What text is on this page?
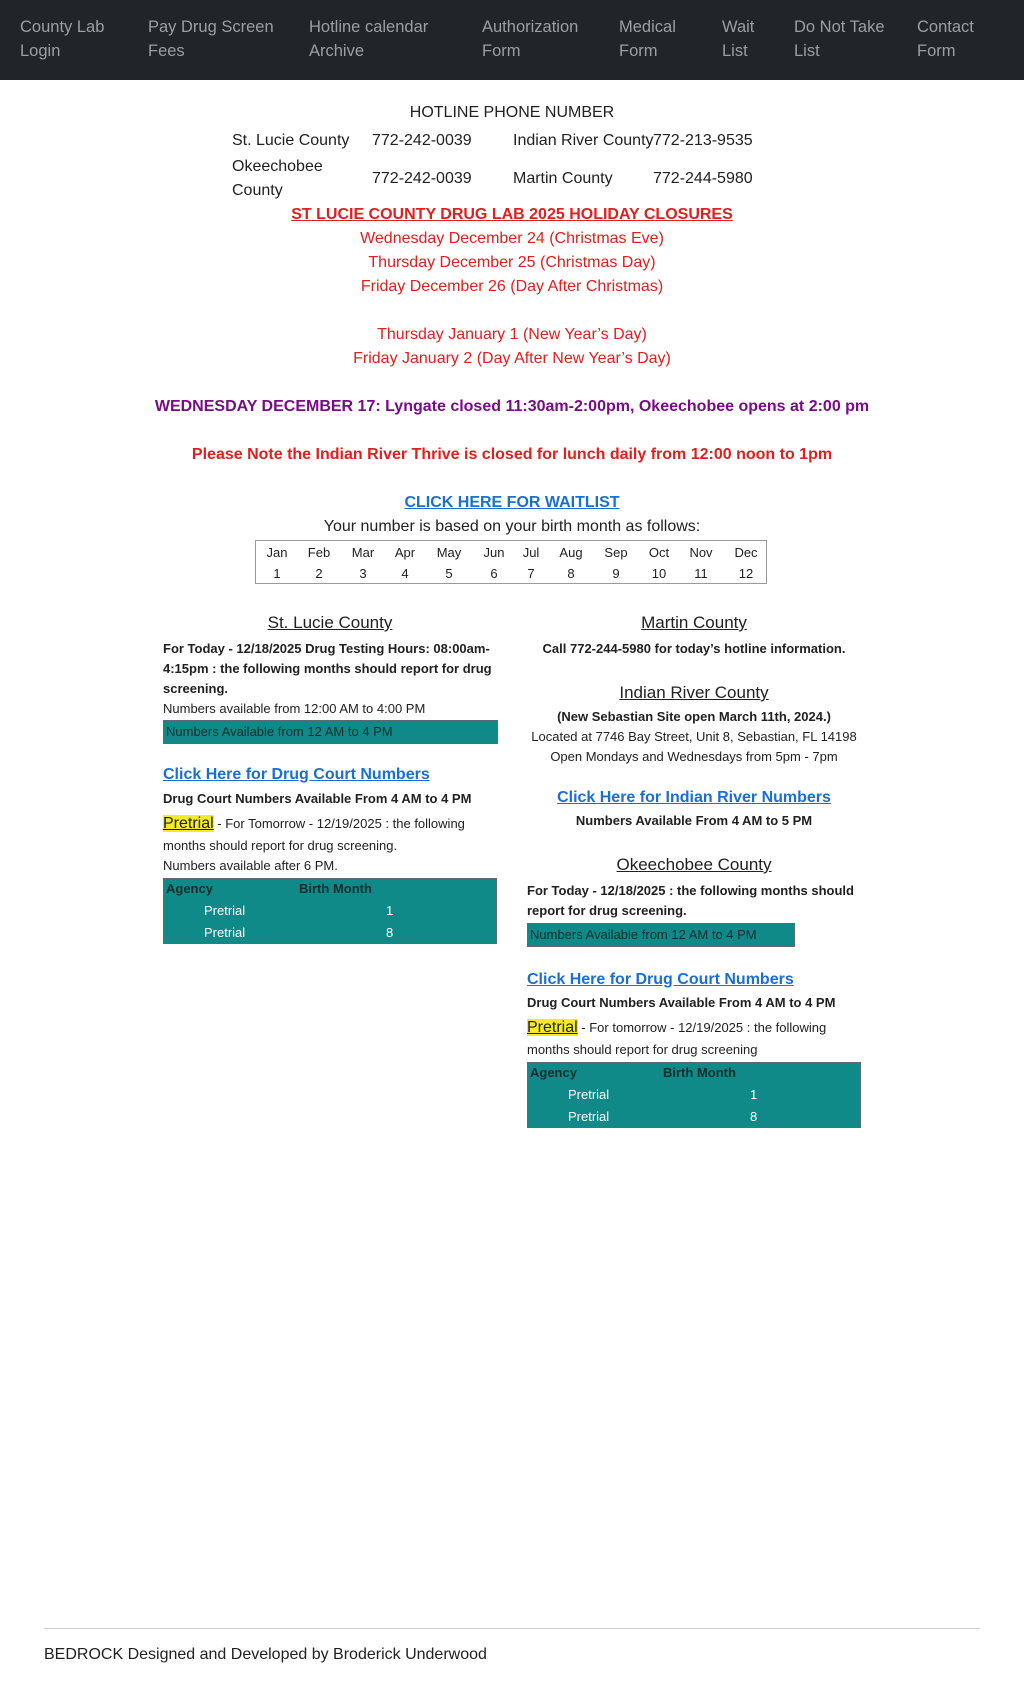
County Lab
Login
Pay Drug Screen
Fees
Hotline calendar
Archive
Authorization
Form
Medical
Form
Wait
List
Do Not Take
List
Contact
Form
HOTLINE PHONE NUMBER
St. Lucie County 772-242-0039	Indian River County 772-213-9535
Okeechobee
County
772-242-0039	Martin County	772-244-5980
ST LUCIE COUNTY DRUG LAB 2025 HOLIDAY CLOSURES
Wednesday December 24 (Christmas Eve)
Thursday December 25 (Christmas Day)
Friday December 26 (Day After Christmas)
Thursday January 1 (New Year’s Day)
Friday January 2 (Day After New Year’s Day)
WEDNESDAY DECEMBER 17: Lyngate closed 11:30am-2:00pm, Okeechobee opens at 2:00 pm
Please Note the Indian River Thrive is closed for lunch daily from 12:00 noon to 1pm
CLICK HERE FOR WAITLIST
Your number is based on your birth month as follows:
Jan Feb Mar Apr May Jun Jul Aug Sep Oct Nov Dec
1	2	3	4	5	6 7	8	9 10 11 12
St. Lucie County
For Today - 12/18/2025 Drug Testing Hours: 08:00am-
4:15pm : the following months should report for drug
screening.
Numbers available from 12:00 AM to 4:00 PM
Numbers Available from 12 AM to 4 PM
Click Here for Drug Court Numbers
Drug Court Numbers Available From 4 AM to 4 PM
Pretrial - For Tomorrow - 12/19/2025 : the following
months should report for drug screening.
Numbers available after 6 PM.
Agency	Birth Month
Pretrial	1
Pretrial	8
Martin County
Call 772-244-5980 for today’s hotline information.
Indian River County
(New Sebastian Site open March 11th, 2024.)
Located at 7746 Bay Street, Unit 8, Sebastian, FL 14198
Open Mondays and Wednesdays from 5pm - 7pm
Click Here for Indian River Numbers
Numbers Available From 4 AM to 5 PM
Okeechobee County
For Today - 12/18/2025 : the following months should
report for drug screening.
Numbers Available from 12 AM to 4 PM
Click Here for Drug Court Numbers
Drug Court Numbers Available From 4 AM to 4 PM
Pretrial - For tomorrow - 12/19/2025 : the following
months should report for drug screening
Agency	Birth Month
Pretrial	1
Pretrial	8
BEDROCK Designed and Developed by Broderick Underwood
